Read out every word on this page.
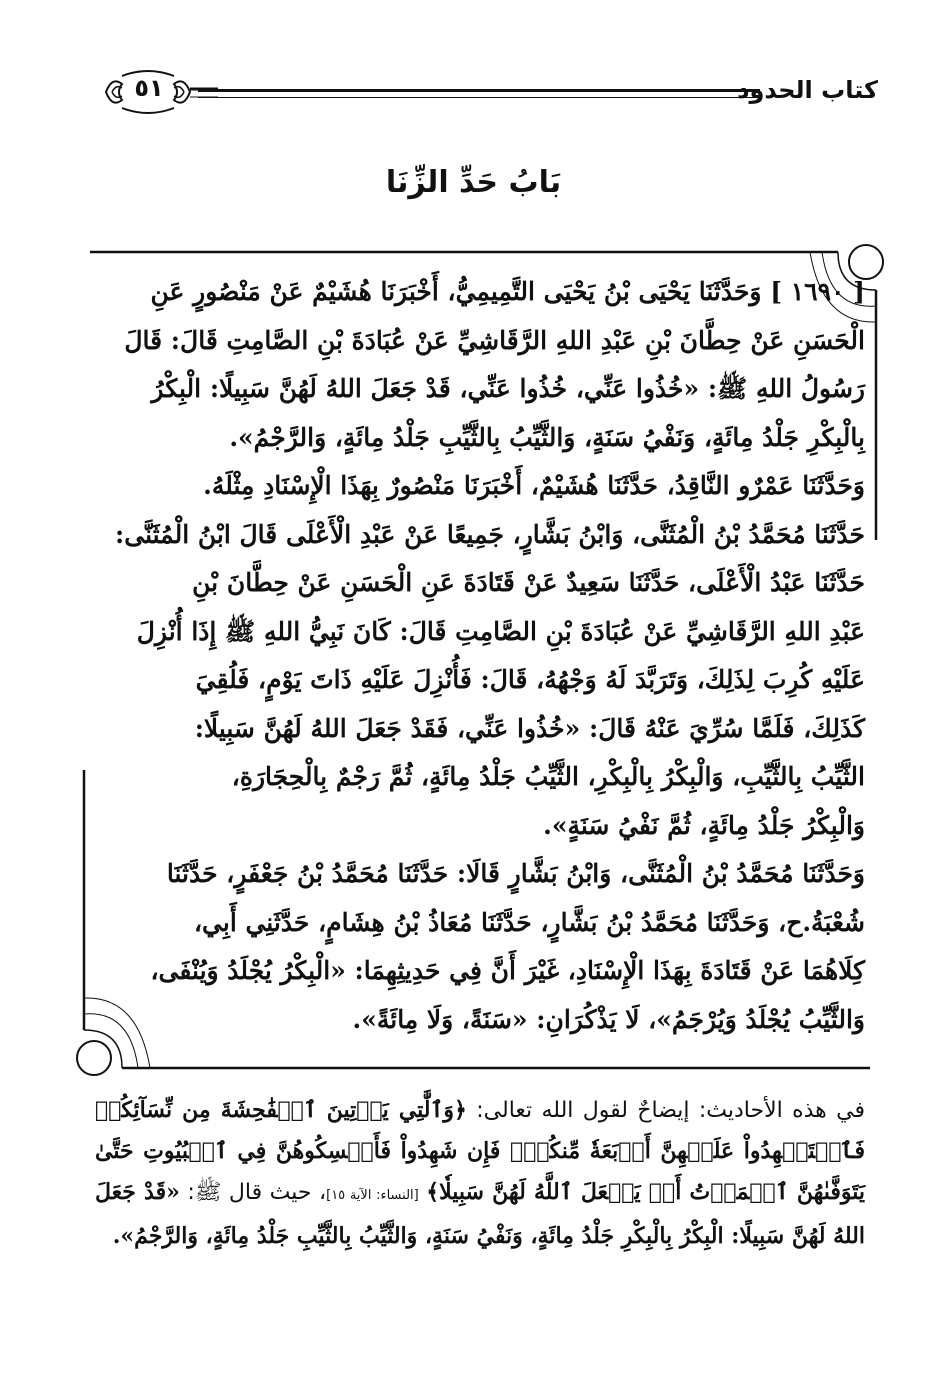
كتاب الحدود
٥١
بَابُ حَدِّ الزِّنَا

[ ١٦٩٠ ] وَحَدَّثَنَا يَحْيَى بْنُ يَحْيَى التَّمِيمِيُّ، أَخْبَرَنَا هُشَيْمٌ عَنْ مَنْصُورٍ عَنِ

الْحَسَنِ عَنْ حِطَّانَ بْنِ عَبْدِ اللهِ الرَّقَاشِيِّ عَنْ عُبَادَةَ بْنِ الصَّامِتِ قَالَ: قَالَ

رَسُولُ اللهِ ﷺ: «خُذُوا عَنِّي، خُذُوا عَنِّي، قَدْ جَعَلَ اللهُ لَهُنَّ سَبِيلًا: الْبِكْرُ

بِالْبِكْرِ جَلْدُ مِائَةٍ، وَنَفْيُ سَنَةٍ، وَالثَّيِّبُ بِالثَّيِّبِ جَلْدُ مِائَةٍ، وَالرَّجْمُ».

وَحَدَّثَنَا عَمْرٌو النَّاقِدُ، حَدَّثَنَا هُشَيْمٌ، أَخْبَرَنَا مَنْصُورٌ بِهَذَا الْإِسْنَادِ مِثْلَهُ.

حَدَّثَنَا مُحَمَّدُ بْنُ الْمُثَنَّى، وَابْنُ بَشَّارٍ، جَمِيعًا عَنْ عَبْدِ الْأَعْلَى قَالَ ابْنُ الْمُثَنَّى:

حَدَّثَنَا عَبْدُ الْأَعْلَى، حَدَّثَنَا سَعِيدٌ عَنْ قَتَادَةَ عَنِ الْحَسَنِ عَنْ حِطَّانَ بْنِ

عَبْدِ اللهِ الرَّقَاشِيِّ عَنْ عُبَادَةَ بْنِ الصَّامِتِ قَالَ: كَانَ نَبِيُّ اللهِ ﷺ إِذَا أُنْزِلَ

عَلَيْهِ كُرِبَ لِذَلِكَ، وَتَرَبَّدَ لَهُ وَجْهُهُ، قَالَ: فَأُنْزِلَ عَلَيْهِ ذَاتَ يَوْمٍ، فَلُقِيَ

كَذَلِكَ، فَلَمَّا سُرِّيَ عَنْهُ قَالَ: «خُذُوا عَنِّي، فَقَدْ جَعَلَ اللهُ لَهُنَّ سَبِيلًا:

الثَّيِّبُ بِالثَّيِّبِ، وَالْبِكْرُ بِالْبِكْرِ، الثَّيِّبُ جَلْدُ مِائَةٍ، ثُمَّ رَجْمٌ بِالْحِجَارَةِ،

وَالْبِكْرُ جَلْدُ مِائَةٍ، ثُمَّ نَفْيُ سَنَةٍ».

وَحَدَّثَنَا مُحَمَّدُ بْنُ الْمُثَنَّى، وَابْنُ بَشَّارٍ قَالَا: حَدَّثَنَا مُحَمَّدُ بْنُ جَعْفَرٍ، حَدَّثَنَا

شُعْبَةُ.ح، وَحَدَّثَنَا مُحَمَّدُ بْنُ بَشَّارٍ، حَدَّثَنَا مُعَاذُ بْنُ هِشَامٍ، حَدَّثَنِي أَبِي،

كِلَاهُمَا عَنْ قَتَادَةَ بِهَذَا الْإِسْنَادِ، غَيْرَ أَنَّ فِي حَدِيثِهِمَا: «الْبِكْرُ يُجْلَدُ وَيُنْفَى،

وَالثَّيِّبُ يُجْلَدُ وَيُرْجَمُ»، لَا يَذْكُرَانِ: «سَنَةً، وَلَا مِائَةً».

في هذه الأحاديث: إيضاحٌ لقول الله تعالى: ﴿وَٱلَّٰتِي يَأۡتِينَ ٱلۡفَٰحِشَةَ مِن نِّسَآئِكُمۡ فَٱسۡتَشۡهِدُواْ عَلَيۡهِنَّ أَرۡبَعَةٗ مِّنكُمۡۖ فَإِن شَهِدُواْ فَأَمۡسِكُوهُنَّ فِي ٱلۡبُيُوتِ حَتَّىٰ يَتَوَفَّىٰهُنَّ ٱلۡمَوۡتُ أَوۡ يَجۡعَلَ ٱللَّهُ لَهُنَّ سَبِيلٗا﴾ [النساء: الآية ١٥]، حيث قال ﷺ: «قَدْ جَعَلَ اللهُ لَهُنَّ سَبِيلًا: الْبِكْرُ بِالْبِكْرِ جَلْدُ مِائَةٍ، وَنَفْيُ سَنَةٍ، وَالثَّيِّبُ بِالثَّيِّبِ جَلْدُ مِائَةٍ، وَالرَّجْمُ».
